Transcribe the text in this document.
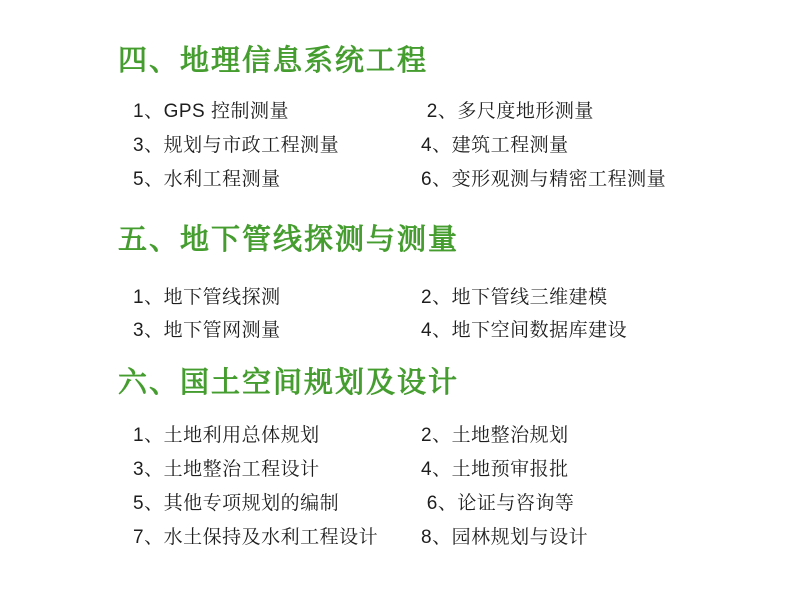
四、地理信息系统工程
1、GPS 控制测量	2、多尺度地形测量
3、规划与市政工程测量	4、建筑工程测量
5、水利工程测量	6、变形观测与精密工程测量
五、地下管线探测与测量
1、地下管线探测	2、地下管线三维建模
3、地下管网测量	4、地下空间数据库建设
六、国土空间规划及设计
1、土地利用总体规划	2、土地整治规划
3、土地整治工程设计	4、土地预审报批
5、其他专项规划的编制	6、论证与咨询等
7、水土保持及水利工程设计	8、园林规划与设计
